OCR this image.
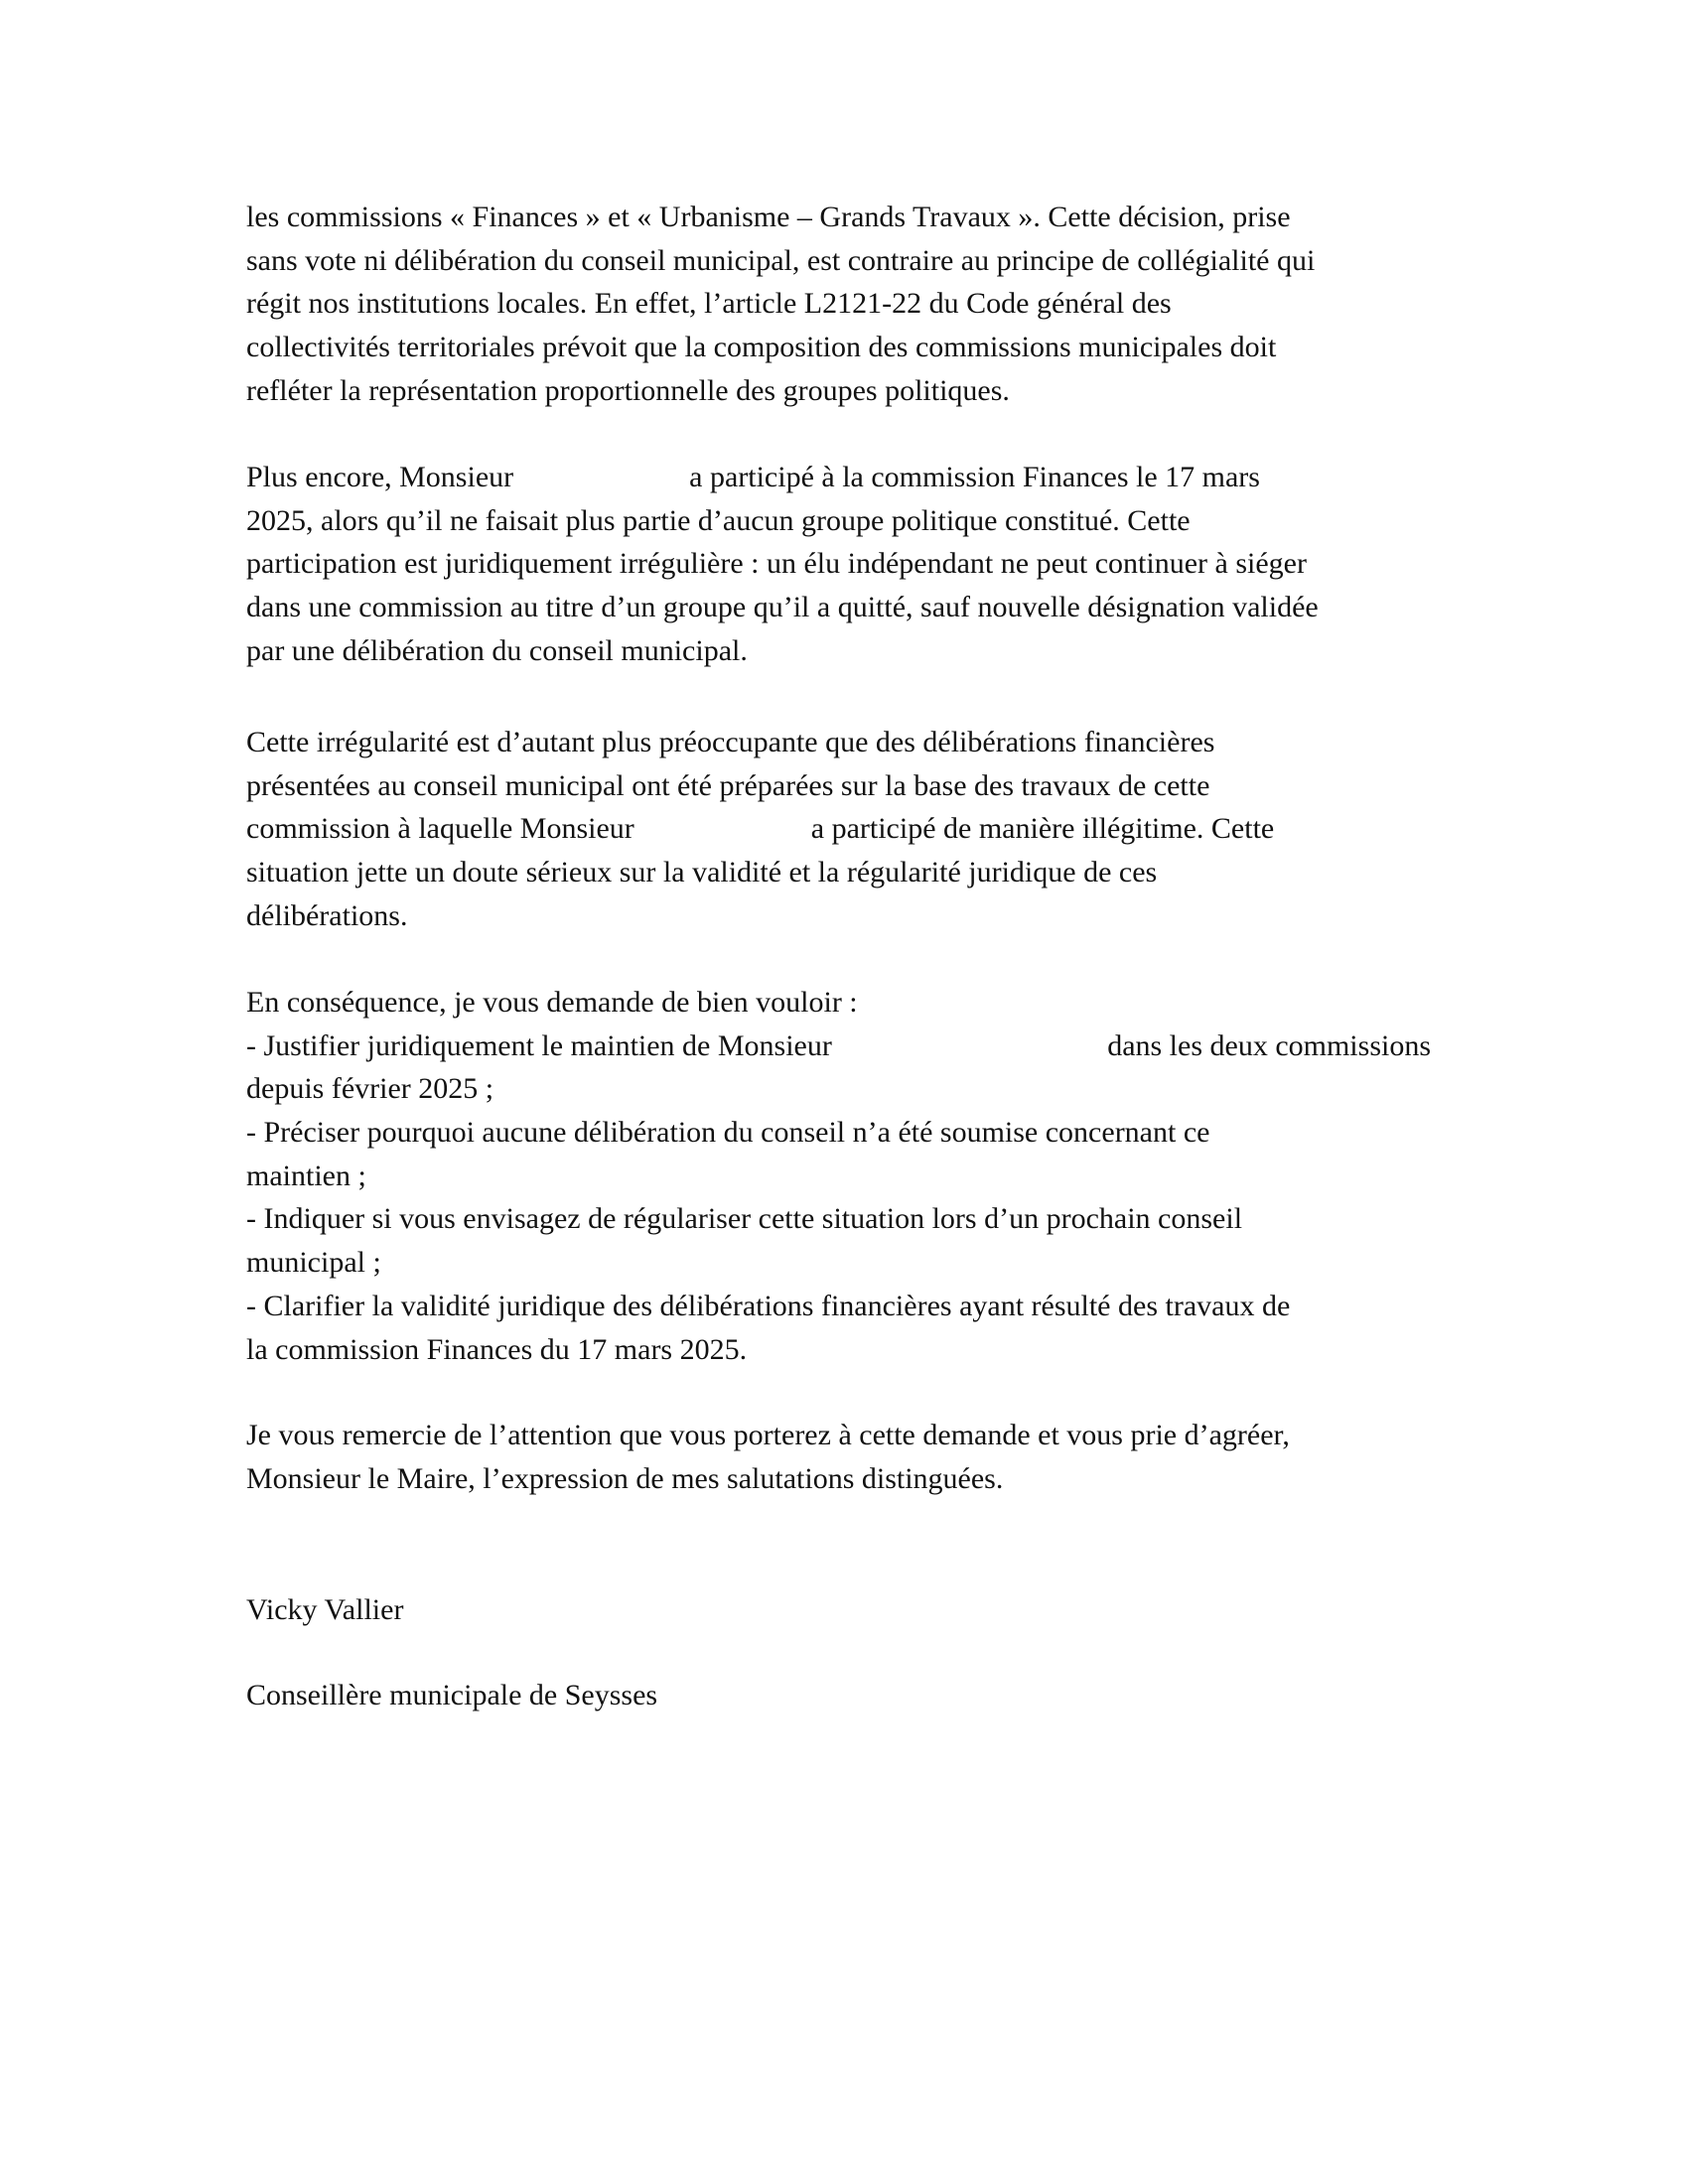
les commissions « Finances » et « Urbanisme – Grands Travaux ». Cette décision, prise
sans vote ni délibération du conseil municipal, est contraire au principe de collégialité qui
régit nos institutions locales. En effet, l’article L2121-22 du Code général des
collectivités territoriales prévoit que la composition des commissions municipales doit
refléter la représentation proportionnelle des groupes politiques.
Plus encore, Monsieur	a participé à la commission Finances le 17 mars
2025, alors qu’il ne faisait plus partie d’aucun groupe politique constitué. Cette
participation est juridiquement irrégulière : un élu indépendant ne peut continuer à siéger
dans une commission au titre d’un groupe qu’il a quitté, sauf nouvelle désignation validée
par une délibération du conseil municipal.
Cette irrégularité est d’autant plus préoccupante que des délibérations financières
présentées au conseil municipal ont été préparées sur la base des travaux de cette
commission à laquelle Monsieur	a participé de manière illégitime. Cette
situation jette un doute sérieux sur la validité et la régularité juridique de ces
délibérations.
En conséquence, je vous demande de bien vouloir :
- Justifier juridiquement le maintien de Monsieur	dans les deux commissions
depuis février 2025 ;
- Préciser pourquoi aucune délibération du conseil n’a été soumise concernant ce
maintien ;
- Indiquer si vous envisagez de régulariser cette situation lors d’un prochain conseil
municipal ;
- Clarifier la validité juridique des délibérations financières ayant résulté des travaux de
la commission Finances du 17 mars 2025.
Je vous remercie de l’attention que vous porterez à cette demande et vous prie d’agréer,
Monsieur le Maire, l’expression de mes salutations distinguées.
Vicky Vallier
Conseillère municipale de Seysses
